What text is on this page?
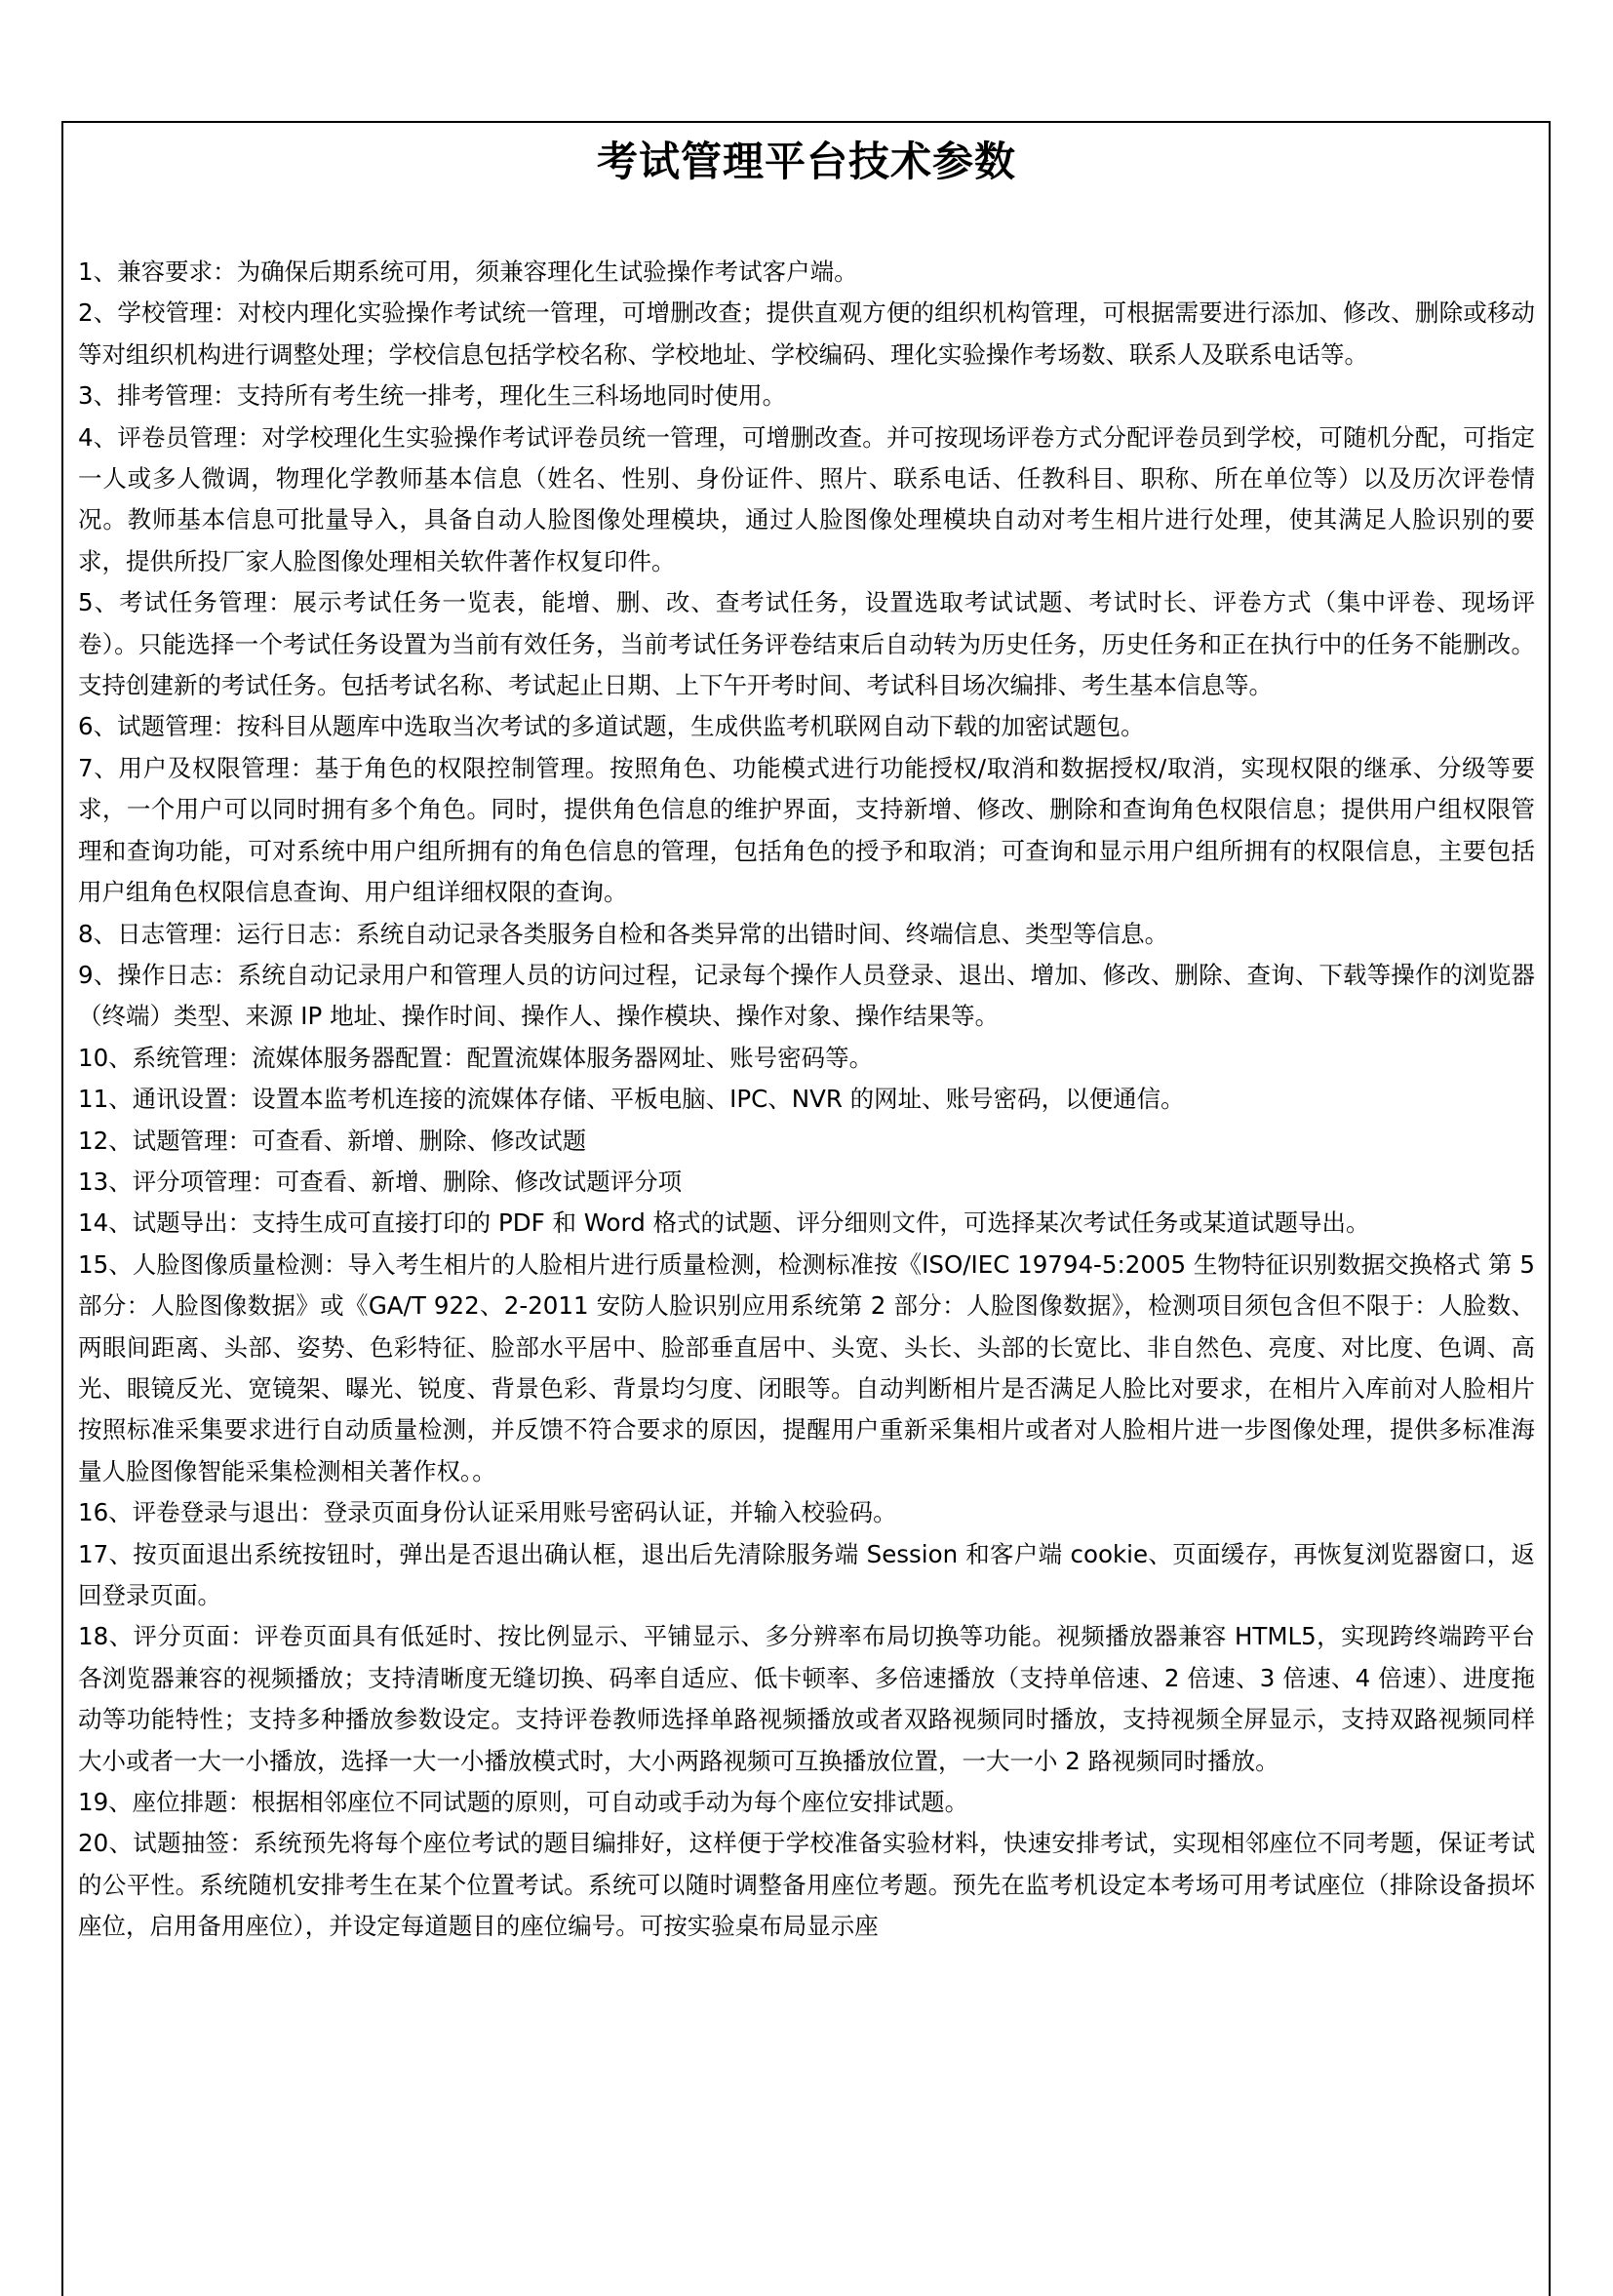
考试管理平台技术参数

1、兼容要求：为确保后期系统可用，须兼容理化生试验操作考试客户端。

2、学校管理：对校内理化实验操作考试统一管理，可增删改查；提供直观方便的组织机构管理，可根据需要进行添加、修改、删除或移动等对组织机构进行调整处理；学校信息包括学校名称、学校地址、学校编码、理化实验操作考场数、联系人及联系电话等。

3、排考管理：支持所有考生统一排考，理化生三科场地同时使用。

4、评卷员管理：对学校理化生实验操作考试评卷员统一管理，可增删改查。并可按现场评卷方式分配评卷员到学校，可随机分配，可指定一人或多人微调，物理化学教师基本信息（姓名、性别、身份证件、照片、联系电话、任教科目、职称、所在单位等）以及历次评卷情况。教师基本信息可批量导入，具备自动人脸图像处理模块，通过人脸图像处理模块自动对考生相片进行处理，使其满足人脸识别的要求，提供所投厂家人脸图像处理相关软件著作权复印件。

5、考试任务管理：展示考试任务一览表，能增、删、改、查考试任务，设置选取考试试题、考试时长、评卷方式（集中评卷、现场评卷）。只能选择一个考试任务设置为当前有效任务，当前考试任务评卷结束后自动转为历史任务，历史任务和正在执行中的任务不能删改。支持创建新的考试任务。包括考试名称、考试起止日期、上下午开考时间、考试科目场次编排、考生基本信息等。

6、试题管理：按科目从题库中选取当次考试的多道试题，生成供监考机联网自动下载的加密试题包。

7、用户及权限管理：基于角色的权限控制管理。按照角色、功能模式进行功能授权/取消和数据授权/取消，实现权限的继承、分级等要求，一个用户可以同时拥有多个角色。同时，提供角色信息的维护界面，支持新增、修改、删除和查询角色权限信息；提供用户组权限管理和查询功能，可对系统中用户组所拥有的角色信息的管理，包括角色的授予和取消；可查询和显示用户组所拥有的权限信息，主要包括用户组角色权限信息查询、用户组详细权限的查询。

8、日志管理：运行日志：系统自动记录各类服务自检和各类异常的出错时间、终端信息、类型等信息。

9、操作日志：系统自动记录用户和管理人员的访问过程，记录每个操作人员登录、退出、增加、修改、删除、查询、下载等操作的浏览器（终端）类型、来源 IP 地址、操作时间、操作人、操作模块、操作对象、操作结果等。

10、系统管理：流媒体服务器配置：配置流媒体服务器网址、账号密码等。

11、通讯设置：设置本监考机连接的流媒体存储、平板电脑、IPC、NVR 的网址、账号密码，以便通信。

12、试题管理：可查看、新增、删除、修改试题

13、评分项管理：可查看、新增、删除、修改试题评分项

14、试题导出：支持生成可直接打印的 PDF 和 Word 格式的试题、评分细则文件，可选择某次考试任务或某道试题导出。

15、人脸图像质量检测：导入考生相片的人脸相片进行质量检测，检测标准按《ISO/IEC 19794-5:2005 生物特征识别数据交换格式 第 5 部分：人脸图像数据》或《GA/T 922、2-2011 安防人脸识别应用系统第 2 部分：人脸图像数据》，检测项目须包含但不限于：人脸数、两眼间距离、头部、姿势、色彩特征、脸部水平居中、脸部垂直居中、头宽、头长、头部的长宽比、非自然色、亮度、对比度、色调、高光、眼镜反光、宽镜架、曝光、锐度、背景色彩、背景均匀度、闭眼等。自动判断相片是否满足人脸比对要求，在相片入库前对人脸相片按照标准采集要求进行自动质量检测，并反馈不符合要求的原因，提醒用户重新采集相片或者对人脸相片进一步图像处理，提供多标准海量人脸图像智能采集检测相关著作权。。

16、评卷登录与退出：登录页面身份认证采用账号密码认证，并输入校验码。

17、按页面退出系统按钮时，弹出是否退出确认框，退出后先清除服务端 Session 和客户端 cookie、页面缓存，再恢复浏览器窗口，返回登录页面。

18、评分页面：评卷页面具有低延时、按比例显示、平铺显示、多分辨率布局切换等功能。视频播放器兼容 HTML5，实现跨终端跨平台各浏览器兼容的视频播放；支持清晰度无缝切换、码率自适应、低卡顿率、多倍速播放（支持单倍速、2 倍速、3 倍速、4 倍速）、进度拖动等功能特性；支持多种播放参数设定。支持评卷教师选择单路视频播放或者双路视频同时播放，支持视频全屏显示，支持双路视频同样大小或者一大一小播放，选择一大一小播放模式时，大小两路视频可互换播放位置，一大一小 2 路视频同时播放。

19、座位排题：根据相邻座位不同试题的原则，可自动或手动为每个座位安排试题。

20、试题抽签：系统预先将每个座位考试的题目编排好，这样便于学校准备实验材料，快速安排考试，实现相邻座位不同考题，保证考试的公平性。系统随机安排考生在某个位置考试。系统可以随时调整备用座位考题。预先在监考机设定本考场可用考试座位（排除设备损坏座位，启用备用座位），并设定每道题目的座位编号。可按实验桌布局显示座
